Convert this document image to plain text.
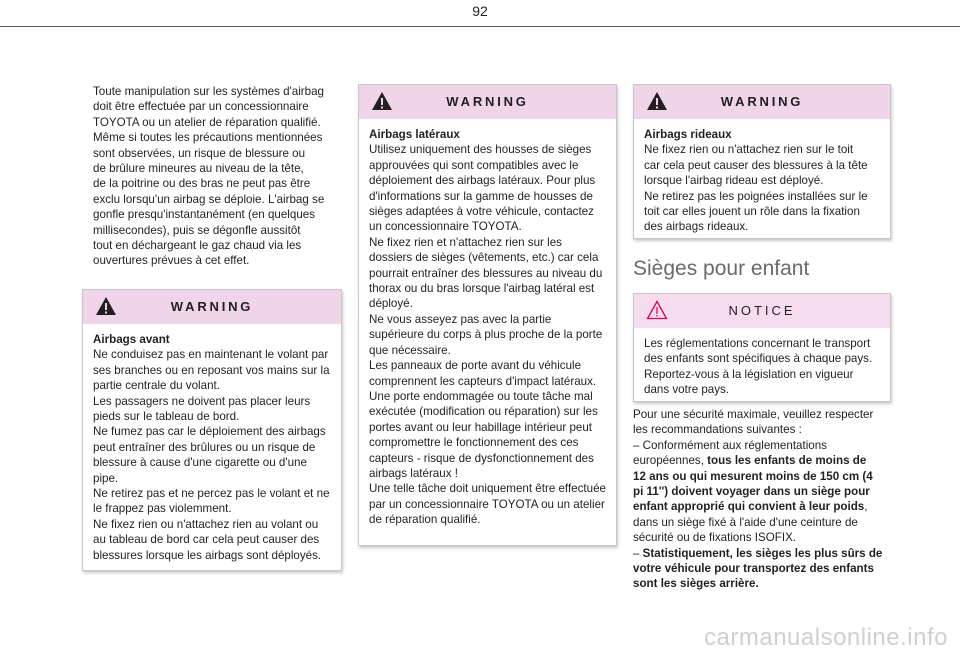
92

Toute manipulation sur les systèmes d'airbag
doit être effectuée par un concessionnaire
TOYOTA ou un atelier de réparation qualifié.
Même si toutes les précautions mentionnées
sont observées, un risque de blessure ou
de brûlure mineures au niveau de la tête,
de la poitrine ou des bras ne peut pas être
exclu lorsqu'un airbag se déploie. L'airbag se
gonfle presqu'instantanément (en quelques
millisecondes), puis se dégonfle aussitôt
tout en déchargeant le gaz chaud via les
ouvertures prévues à cet effet.

WARNING

Airbags avant

Ne conduisez pas en maintenant le volant par
ses branches ou en reposant vos mains sur la
partie centrale du volant.
Les passagers ne doivent pas placer leurs
pieds sur le tableau de bord.
Ne fumez pas car le déploiement des airbags
peut entraîner des brûlures ou un risque de
blessure à cause d'une cigarette ou d'une
pipe.
Ne retirez pas et ne percez pas le volant et ne
le frappez pas violemment.
Ne fixez rien ou n'attachez rien au volant ou
au tableau de bord car cela peut causer des
blessures lorsque les airbags sont déployés.

WARNING

Airbags latéraux

Utilisez uniquement des housses de sièges
approuvées qui sont compatibles avec le
déploiement des airbags latéraux. Pour plus
d'informations sur la gamme de housses de
sièges adaptées à votre véhicule, contactez
un concessionnaire TOYOTA.
Ne fixez rien et n'attachez rien sur les
dossiers de sièges (vêtements, etc.) car cela
pourrait entraîner des blessures au niveau du
thorax ou du bras lorsque l'airbag latéral est
déployé.
Ne vous asseyez pas avec la partie
supérieure du corps à plus proche de la porte
que nécessaire.
Les panneaux de porte avant du véhicule
comprennent les capteurs d'impact latéraux.
Une porte endommagée ou toute tâche mal
exécutée (modification ou réparation) sur les
portes avant ou leur habillage intérieur peut
compromettre le fonctionnement des ces
capteurs - risque de dysfonctionnement des
airbags latéraux !
Une telle tâche doit uniquement être effectuée
par un concessionnaire TOYOTA ou un atelier
de réparation qualifié.

WARNING

Airbags rideaux

Ne fixez rien ou n'attachez rien sur le toit
car cela peut causer des blessures à la tête
lorsque l'airbag rideau est déployé.
Ne retirez pas les poignées installées sur le
toit car elles jouent un rôle dans la fixation
des airbags rideaux.

Sièges pour enfant
NOTICE

Les réglementations concernant le transport
des enfants sont spécifiques à chaque pays.
Reportez-vous à la législation en vigueur
dans votre pays.

Pour une sécurité maximale, veuillez respecter
les recommandations suivantes :

– Conformément aux réglementations
européennes, tous les enfants de moins de
12 ans ou qui mesurent moins de 150 cm (4
pi 11'') doivent voyager dans un siège pour
enfant approprié qui convient à leur poids,
dans un siège fixé à l'aide d'une ceinture de
sécurité ou de fixations ISOFIX.

– Statistiquement, les sièges les plus sûrs de
votre véhicule pour transportez des enfants
sont les sièges arrière.

carmanualsonline.info
